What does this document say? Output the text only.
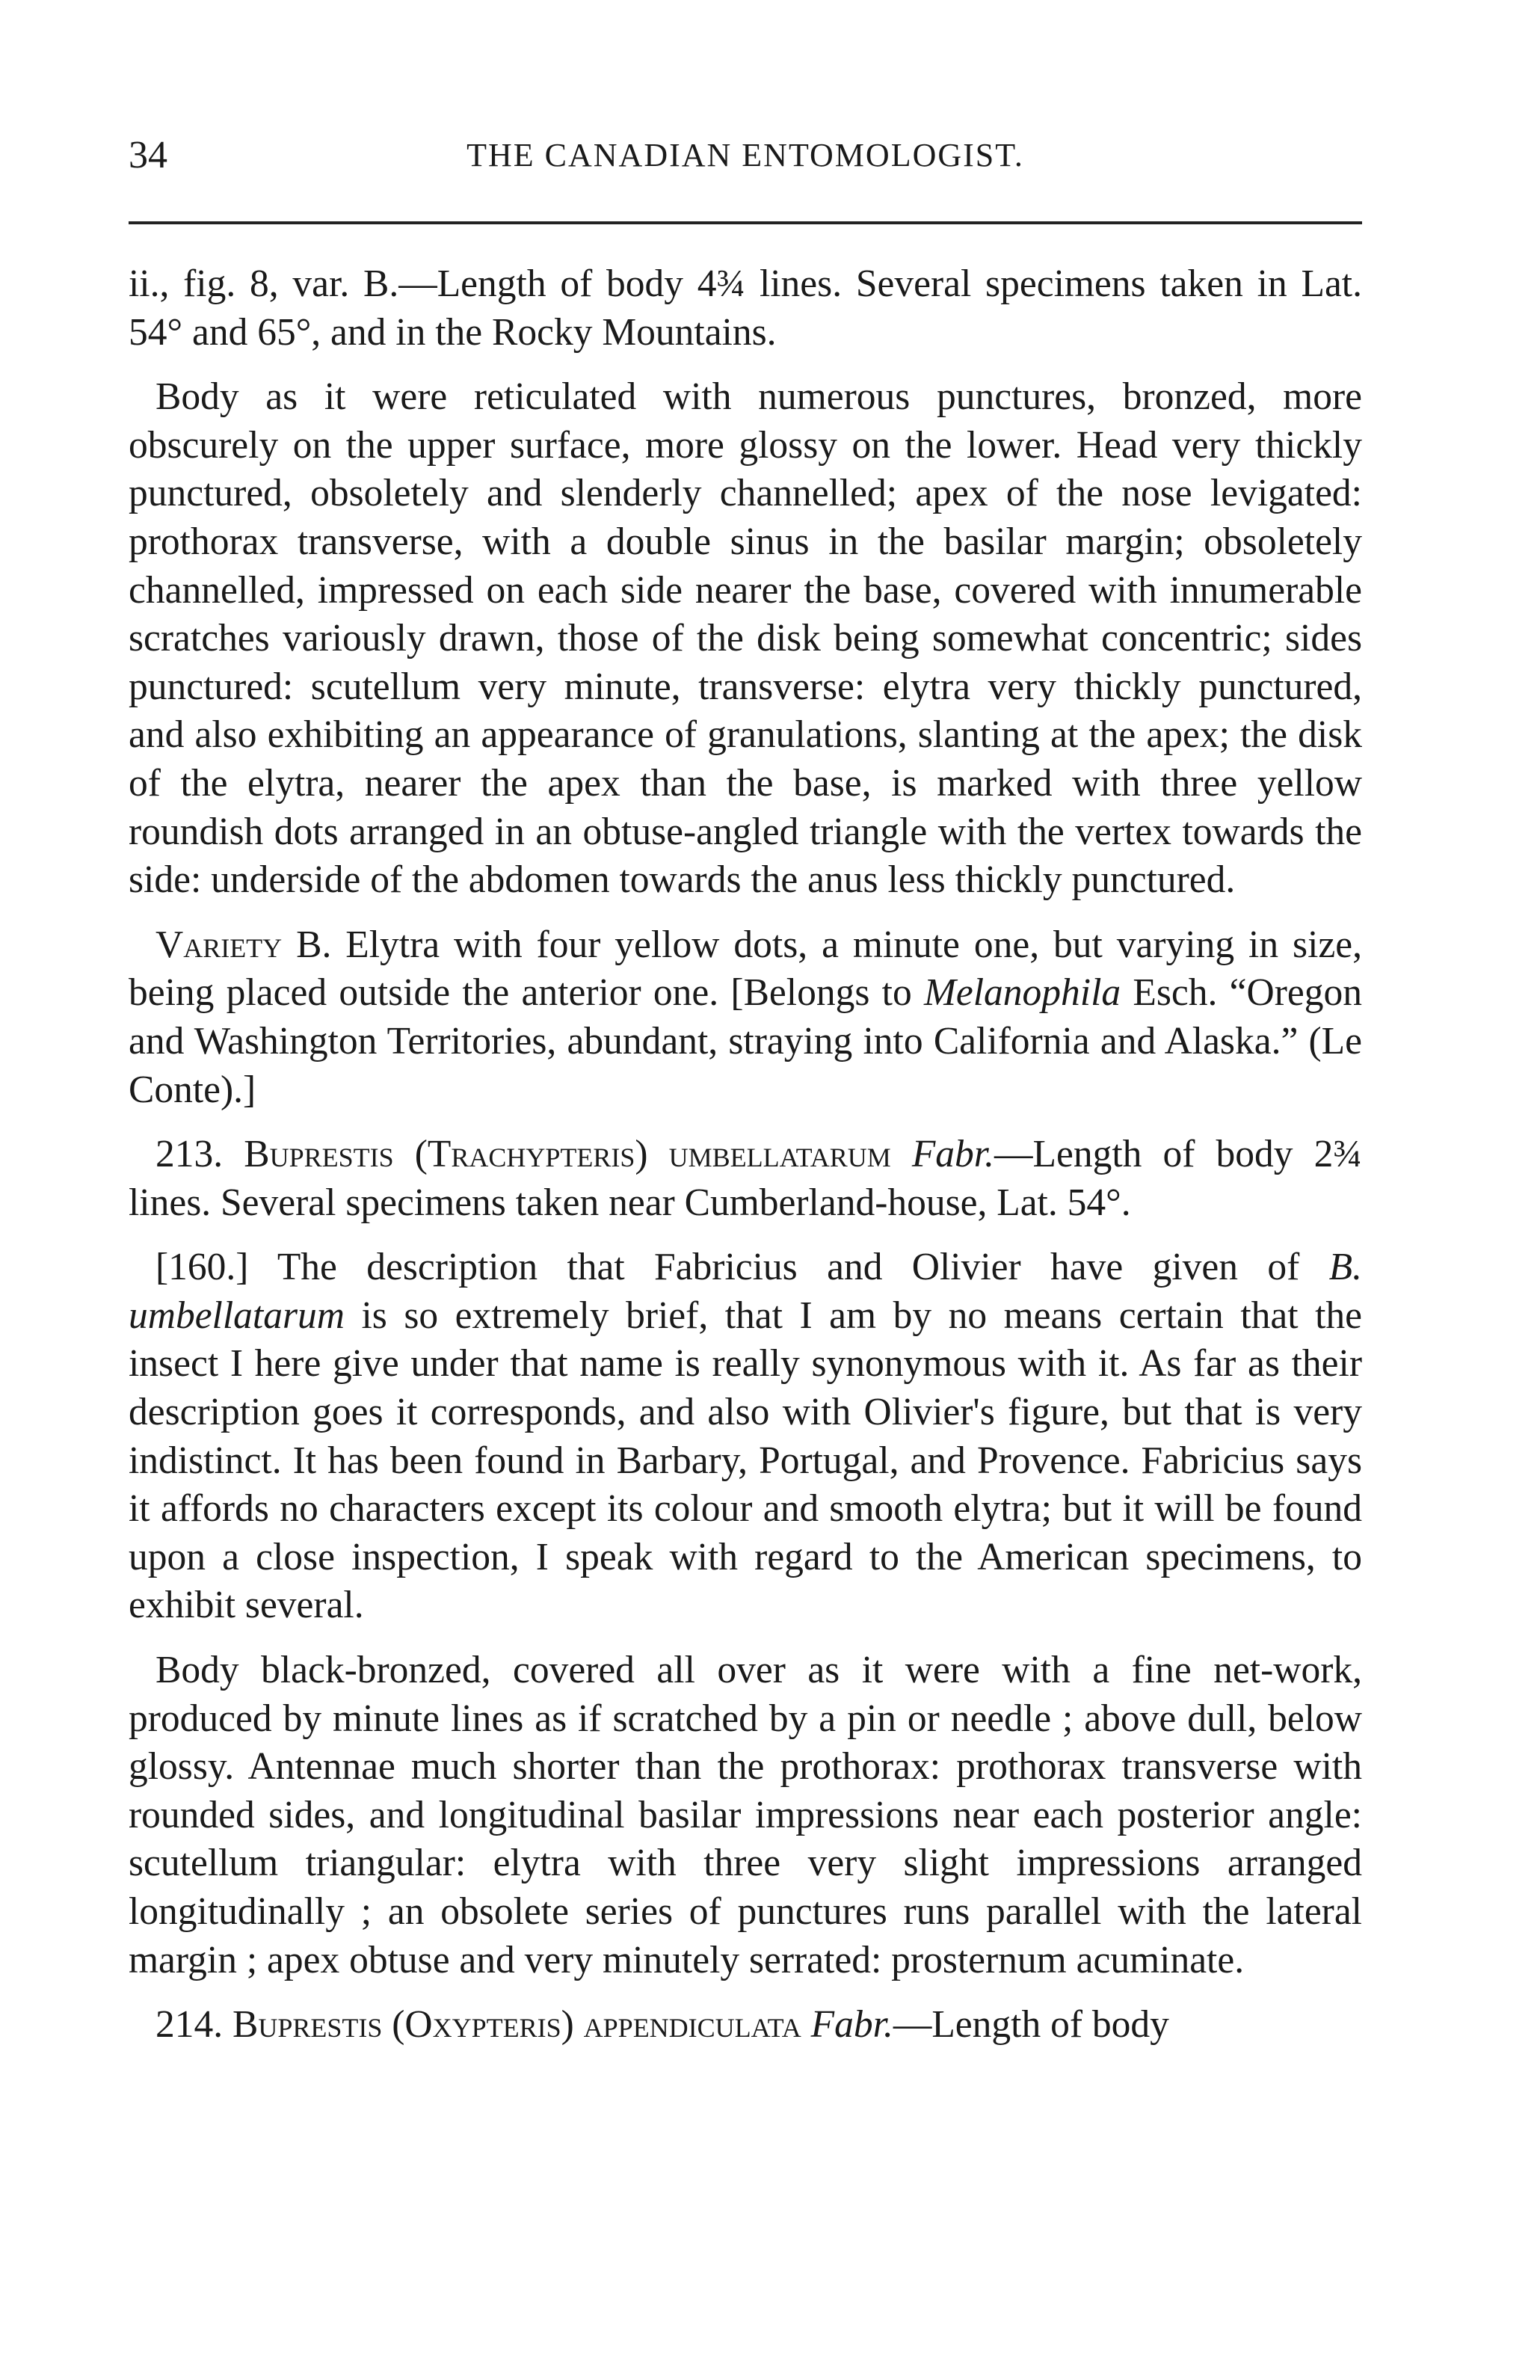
34	THE CANADIAN ENTOMOLOGIST.

ii., fig. 8, var. B.—Length of body 4¾ lines. Several specimens taken in Lat. 54° and 65°, and in the Rocky Mountains.

Body as it were reticulated with numerous punctures, bronzed, more obscurely on the upper surface, more glossy on the lower. Head very thickly punctured, obsoletely and slenderly channelled; apex of the nose levigated: prothorax transverse, with a double sinus in the basilar margin; obsoletely channelled, impressed on each side nearer the base, covered with innumerable scratches variously drawn, those of the disk being somewhat concentric; sides punctured: scutellum very minute, transverse: elytra very thickly punctured, and also exhibiting an appearance of granulations, slanting at the apex; the disk of the elytra, nearer the apex than the base, is marked with three yellow roundish dots arranged in an obtuse-angled triangle with the vertex towards the side: underside of the abdomen towards the anus less thickly punctured.

Variety B. Elytra with four yellow dots, a minute one, but varying in size, being placed outside the anterior one. [Belongs to Melanophila Esch. “Oregon and Washington Territories, abundant, straying into California and Alaska.” (Le Conte).]

213. Buprestis (Trachypteris) umbellatarum Fabr.—Length of body 2¾ lines. Several specimens taken near Cumberland-house, Lat. 54°.

[160.] The description that Fabricius and Olivier have given of B. umbellatarum is so extremely brief, that I am by no means certain that the insect I here give under that name is really synonymous with it. As far as their description goes it corresponds, and also with Olivier's figure, but that is very indistinct. It has been found in Barbary, Portugal, and Provence. Fabricius says it affords no characters except its colour and smooth elytra; but it will be found upon a close inspection, I speak with regard to the American specimens, to exhibit several.

Body black-bronzed, covered all over as it were with a fine net-work, produced by minute lines as if scratched by a pin or needle ; above dull, below glossy. Antennae much shorter than the prothorax: prothorax transverse with rounded sides, and longitudinal basilar impressions near each posterior angle: scutellum triangular: elytra with three very slight impressions arranged longitudinally ; an obsolete series of punctures runs parallel with the lateral margin ; apex obtuse and very minutely serrated: prosternum acuminate.

214. Buprestis (Oxypteris) appendiculata Fabr.—Length of body
